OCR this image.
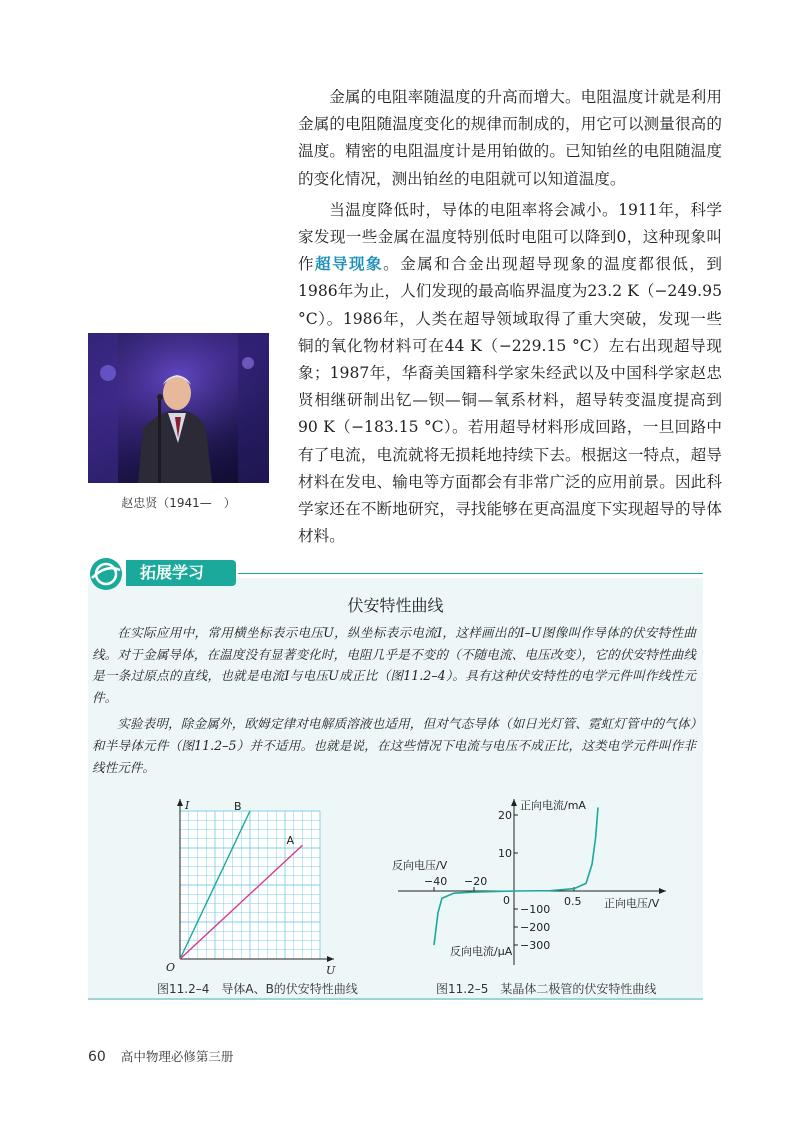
金属的电阻率随温度的升高而增大。电阻温度计就是利用金属的电阻随温度变化的规律而制成的，用它可以测量很高的温度。精密的电阻温度计是用铂做的。已知铂丝的电阻随温度的变化情况，测出铂丝的电阻就可以知道温度。

当温度降低时，导体的电阻率将会减小。1911年，科学家发现一些金属在温度特别低时电阻可以降到0，这种现象叫作超导现象。金属和合金出现超导现象的温度都很低，到1986年为止，人们发现的最高临界温度为23.2 K（−249.95 °C）。1986年，人类在超导领域取得了重大突破，发现一些铜的氧化物材料可在44 K（−229.15 °C）左右出现超导现象；1987年，华裔美国籍科学家朱经武以及中国科学家赵忠贤相继研制出钇—钡—铜—氧系材料，超导转变温度提高到90 K（−183.15 °C）。若用超导材料形成回路，一旦回路中有了电流，电流就将无损耗地持续下去。根据这一特点，超导材料在发电、输电等方面都会有非常广泛的应用前景。因此科学家还在不断地研究，寻找能够在更高温度下实现超导的导体材料。

赵忠贤（1941—　）
拓展学习
伏安特性曲线

在实际应用中，常用横坐标表示电压U，纵坐标表示电流I，这样画出的I–U图像叫作导体的伏安特性曲线。对于金属导体，在温度没有显著变化时，电阻几乎是不变的（不随电流、电压改变），它的伏安特性曲线是一条过原点的直线，也就是电流I与电压U成正比（图11.2–4）。具有这种伏安特性的电学元件叫作线性元件。

实验表明，除金属外，欧姆定律对电解质溶液也适用，但对气态导体（如日光灯管、霓虹灯管中的气体）和半导体元件（图11.2–5）并不适用。也就是说，在这些情况下电流与电压不成正比，这类电学元件叫作非线性元件。

U
I
O
B
A
图11.2–4　导体A、B的伏安特性曲线
正向电流/mA
正向电压/V
反向电压/V
反向电流/μA
0
−40 −20
0.5
20
10
−100
−200
−300
图11.2–5　某晶体二极管的伏安特性曲线
60 高中物理必修第三册
